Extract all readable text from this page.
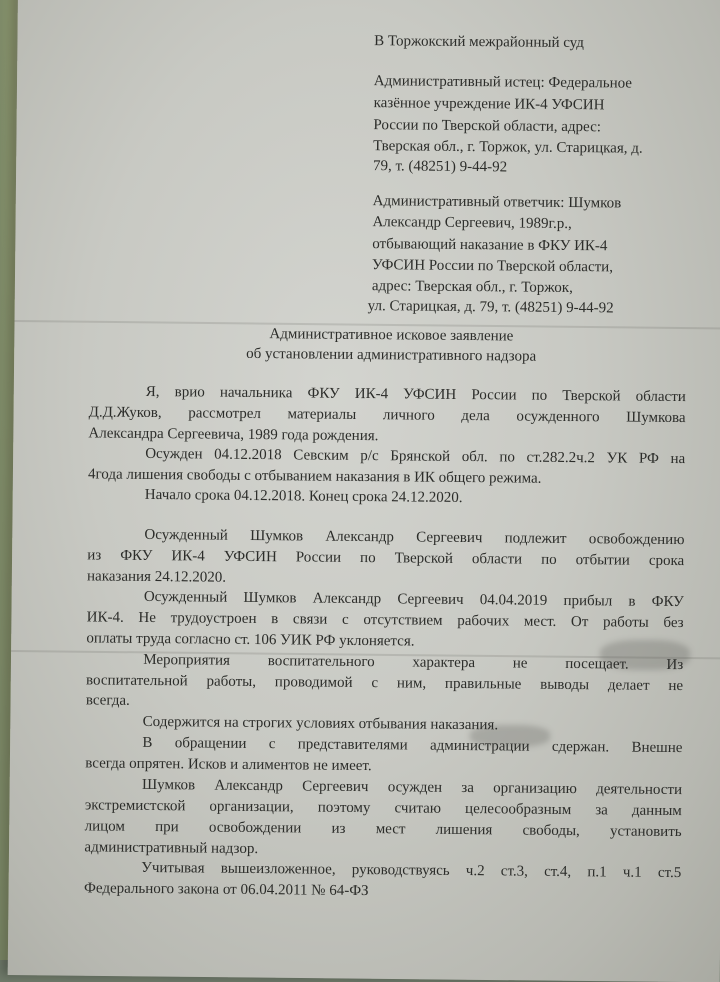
В Торжокский межрайонный суд
Административный истец: Федеральное
казённое учреждение ИК-4 УФСИН
России по Тверской области, адрес:
Тверская обл., г. Торжок, ул. Старицкая, д.
79, т. (48251) 9-44-92
Административный ответчик: Шумков
Александр Сергеевич, 1989г.р.,
отбывающий наказание в ФКУ ИК-4
УФСИН России по Тверской области,
адрес: Тверская обл., г. Торжок,
ул. Старицкая, д. 79, т. (48251) 9-44-92
Административное исковое заявление
об установлении административного надзора
Я, врио начальника ФКУ ИК-4 УФСИН России по Тверской области
Д.Д.Жуков, рассмотрел материалы личного дела осужденного Шумкова
Александра Сергеевича, 1989 года рождения.
Осужден 04.12.2018 Севским р/с Брянской обл. по ст.282.2ч.2 УК РФ на
4года лишения свободы с отбыванием наказания в ИК общего режима.
Начало срока 04.12.2018. Конец срока 24.12.2020.
Осужденный Шумков Александр Сергеевич подлежит освобождению
из ФКУ ИК-4 УФСИН России по Тверской области по отбытии срока
наказания 24.12.2020.
Осужденный Шумков Александр Сергеевич 04.04.2019 прибыл в ФКУ
ИК-4. Не трудоустроен в связи с отсутствием рабочих мест. От работы без
оплаты труда согласно ст. 106 УИК РФ уклоняется.
Мероприятия воспитательного характера не посещает. Из
воспитательной работы, проводимой с ним, правильные выводы делает не
всегда.
Содержится на строгих условиях отбывания наказания.
В обращении с представителями администрации сдержан. Внешне
всегда опрятен. Исков и алиментов не имеет.
Шумков Александр Сергеевич осужден за организацию деятельности
экстремистской организации, поэтому считаю целесообразным за данным
лицом при освобождении из мест лишения свободы, установить
административный надзор.
Учитывая вышеизложенное, руководствуясь ч.2 ст.3, ст.4, п.1 ч.1 ст.5
Федерального закона от 06.04.2011 № 64-ФЗ
